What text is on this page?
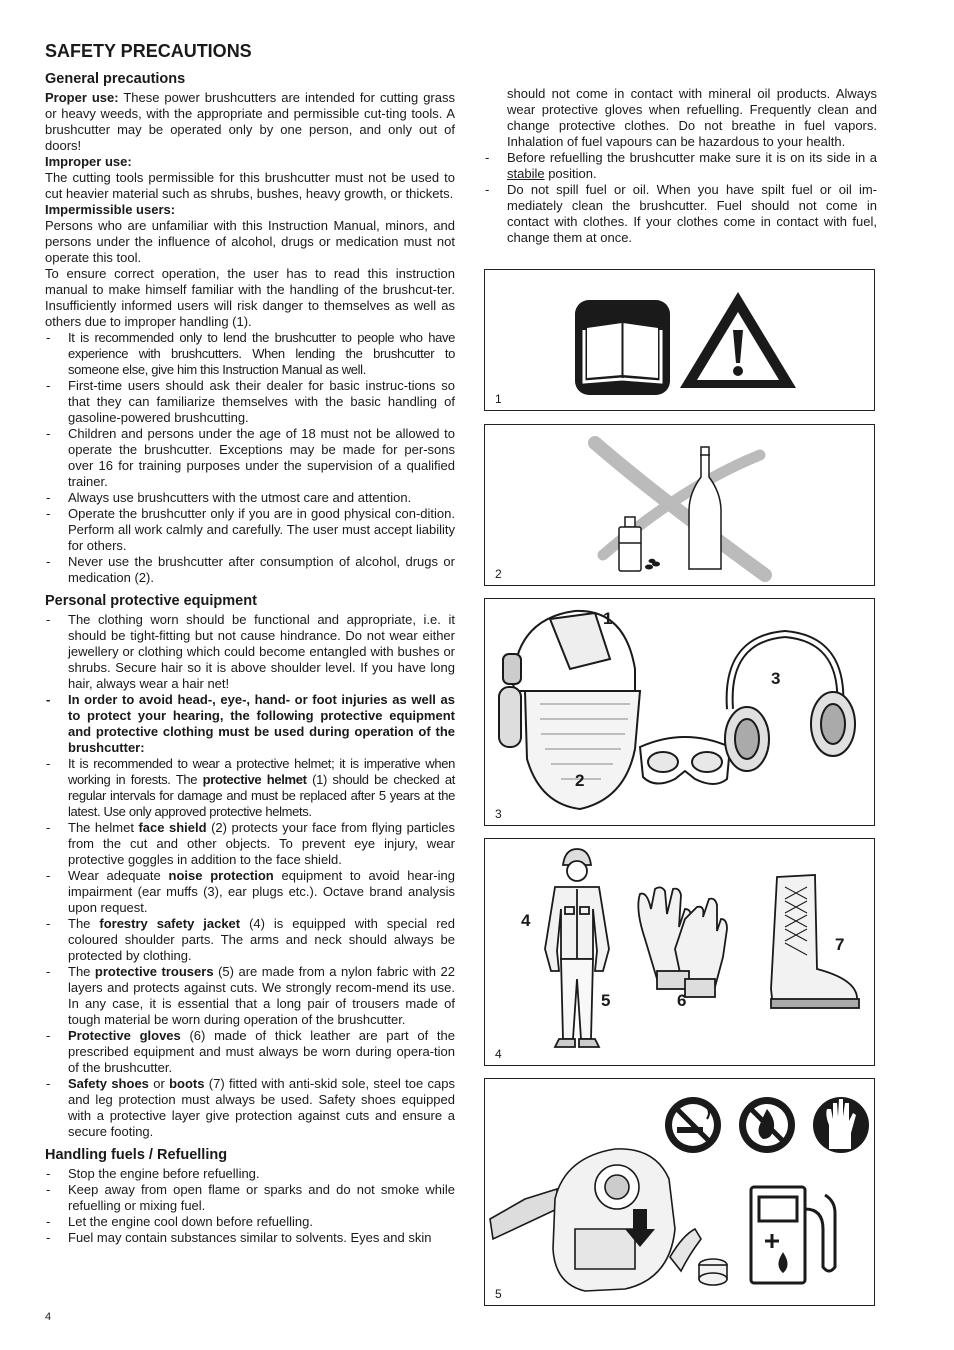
SAFETY PRECAUTIONS
General precautions

Proper use: These power brushcutters are intended for cutting grass or heavy weeds, with the appropriate and permissible cut-ting tools. A brushcutter may be operated only by one person, and only out of doors!

Improper use:

The cutting tools permissible for this brushcutter must not be used to cut heavier material such as shrubs, bushes, heavy growth, or thickets.

Impermissible users:

Persons who are unfamiliar with this Instruction Manual, minors, and persons under the influence of alcohol, drugs or medication must not operate this tool.

To ensure correct operation, the user has to read this instruction manual to make himself familiar with the handling of the brushcut-ter. Insufficiently informed users will risk danger to themselves as well as others due to improper handling (1).

- It is recommended only to lend the brushcutter to people who have experience with brushcutters. When lending the brushcutter to someone else, give him this Instruction Manual as well.
- First-time users should ask their dealer for basic instruc-tions so that they can familiarize themselves with the basic handling of gasoline-powered brushcutting.
- Children and persons under the age of 18 must not be allowed to operate the brushcutter. Exceptions may be made for per-sons over 16 for training purposes under the supervision of a qualified trainer.
- Always use brushcutters with the utmost care and attention.
- Operate the brushcutter only if you are in good physical con-dition. Perform all work calmly and carefully. The user must accept liability for others.
- Never use the brushcutter after consumption of alcohol, drugs or medication (2).
Personal protective equipment
- The clothing worn should be functional and appropriate, i.e. it should be tight-fitting but not cause hindrance. Do not wear either jewellery or clothing which could become entangled with bushes or shrubs. Secure hair so it is above shoulder level. If you have long hair, always wear a hair net!
- In order to avoid head-, eye-, hand- or foot injuries as well as to protect your hearing, the following protective equipment and protective clothing must be used during operation of the brushcutter:
- It is recommended to wear a protective helmet; it is imperative when working in forests. The protective helmet (1) should be checked at regular intervals for damage and must be replaced after 5 years at the latest. Use only approved protective helmets.
- The helmet face shield (2) protects your face from flying particles from the cut and other objects. To prevent eye injury, wear protective goggles in addition to the face shield.
- Wear adequate noise protection equipment to avoid hear-ing impairment (ear muffs (3), ear plugs etc.). Octave brand analysis upon request.
- The forestry safety jacket (4) is equipped with special red coloured shoulder parts. The arms and neck should always be protected by clothing.
- The protective trousers (5) are made from a nylon fabric with 22 layers and protects against cuts. We strongly recom-mend its use. In any case, it is essential that a long pair of trousers made of tough material be worn during operation of the brushcutter.
- Protective gloves (6) made of thick leather are part of the prescribed equipment and must always be worn during opera-tion of the brushcutter.
- Safety shoes or boots (7) fitted with anti-skid sole, steel toe caps and leg protection must always be used. Safety shoes equipped with a protective layer give protection against cuts and ensure a secure footing.
Handling fuels / Refuelling
- Stop the engine before refuelling.
- Keep away from open flame or sparks and do not smoke while refuelling or mixing fuel.
- Let the engine cool down before refuelling.
- Fuel may contain substances similar to solvents. Eyes and skin

should not come in contact with mineral oil products. Always wear protective gloves when refuelling. Frequently clean and change protective clothes. Do not breathe in fuel vapors. Inhalation of fuel vapours can be hazardous to your health.

- Before refuelling the brushcutter make sure it is on its side in a stabile position.
- Do not spill fuel or oil. When you have spilt fuel or oil im-mediately clean the brushcutter. Fuel should not come in contact with clothes. If your clothes come in contact with fuel, change them at once.
1
2
1
2
3
3
4
5	6
7
4
5
4
